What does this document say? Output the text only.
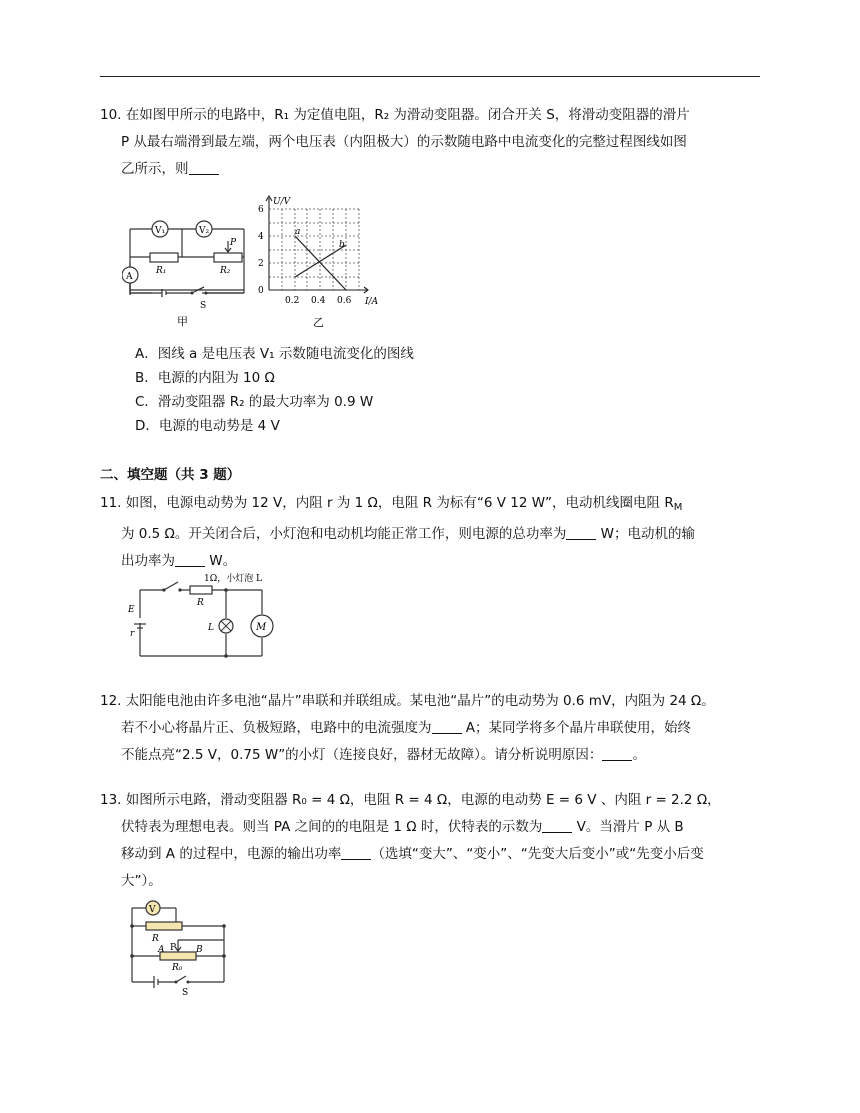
10. 在如图甲所示的电路中，R₁ 为定值电阻，R₂ 为滑动变阻器。闭合开关 S，将滑动变阻器的滑片
P 从最右端滑到最左端，两个电压表（内阻极大）的示数随电路中电流变化的完整过程图线如图
乙所示，则
V₁	V₂
A
R₁	R₂
P
S
甲
U/V
I/A
0
2
4
6
0.2 0.4 0.6
a
b
乙
A．图线 a 是电压表 V₁ 示数随电流变化的图线
B．电源的内阻为 10 Ω
C．滑动变阻器 R₂ 的最大功率为 0.9 W
D．电源的电动势是 4 V
二、填空题（共 3 题）
11. 如图，电源电动势为 12 V，内阻 r 为 1 Ω，电阻 R 为标有“6 V 12 W”，电动机线圈电阻 $R_M$
为 0.5 Ω。开关闭合后，小灯泡和电动机均能正常工作，则电源的总功率为	W；电动机的输
出功率为	W。
M
1Ω，小灯泡 L
R
E
r
L
12. 太阳能电池由许多电池“晶片”串联和并联组成。某电池“晶片”的电动势为 0.6 mV，内阻为 24 Ω。
若不小心将晶片正、负极短路，电路中的电流强度为	A；某同学将多个晶片串联使用，始终
不能点亮“2.5 V，0.75 W”的小灯（连接良好，器材无故障）。请分析说明原因： 。
13. 如图所示电路，滑动变阻器 R₀ = 4 Ω，电阻 R = 4 Ω，电源的电动势 E = 6 V 、内阻 r = 2.2 Ω，
伏特表为理想电表。则当 PA 之间的的电阻是 1 Ω 时，伏特表的示数为	V。当滑片 P 从 B
移动到 A 的过程中，电源的输出功率 （选填“变大”、“变小”、“先变大后变小”或“先变小后变
大”）。
V
R
P
A	B
R₀
S
